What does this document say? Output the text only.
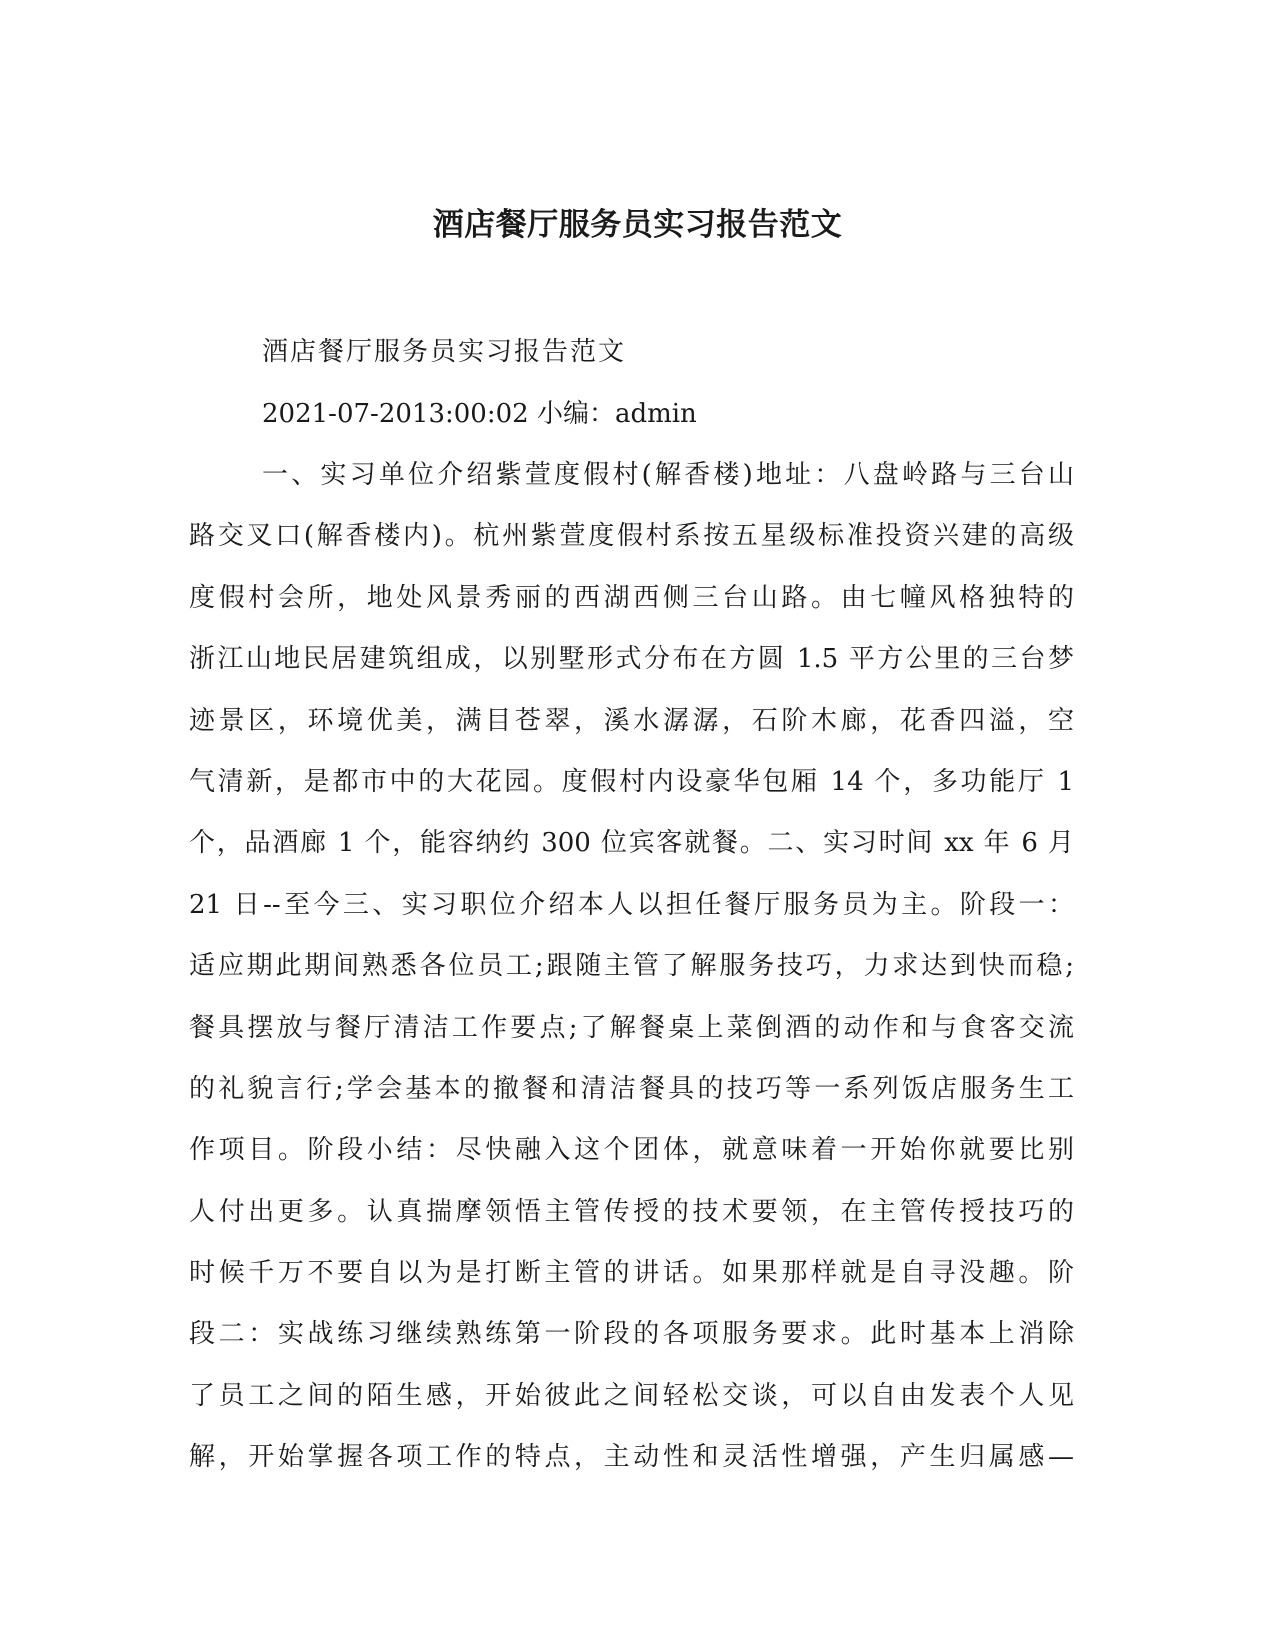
酒店餐厅服务员实习报告范文

酒店餐厅服务员实习报告范文

2021-07-2013:00:02 小编：admin

一、实习单位介绍紫萱度假村(解香楼)地址：八盘岭路与三台山
路交叉口(解香楼内)。杭州紫萱度假村系按五星级标准投资兴建的高级
度假村会所，地处风景秀丽的西湖西侧三台山路。由七幢风格独特的
浙江山地民居建筑组成，以别墅形式分布在方圆 1.5 平方公里的三台梦
迹景区，环境优美，满目苍翠，溪水潺潺，石阶木廊，花香四溢，空
气清新，是都市中的大花园。度假村内设豪华包厢 14 个，多功能厅 1
个，品酒廊 1 个，能容纳约 300 位宾客就餐。二、实习时间 xx 年 6 月
21 日--至今三、实习职位介绍本人以担任餐厅服务员为主。阶段一：
适应期此期间熟悉各位员工;跟随主管了解服务技巧，力求达到快而稳;
餐具摆放与餐厅清洁工作要点;了解餐桌上菜倒酒的动作和与食客交流
的礼貌言行;学会基本的撤餐和清洁餐具的技巧等一系列饭店服务生工
作项目。阶段小结：尽快融入这个团体，就意味着一开始你就要比别
人付出更多。认真揣摩领悟主管传授的技术要领，在主管传授技巧的
时候千万不要自以为是打断主管的讲话。如果那样就是自寻没趣。阶
段二：实战练习继续熟练第一阶段的各项服务要求。此时基本上消除
了员工之间的陌生感，开始彼此之间轻松交谈，可以自由发表个人见
解，开始掌握各项工作的特点，主动性和灵活性增强，产生归属感—
